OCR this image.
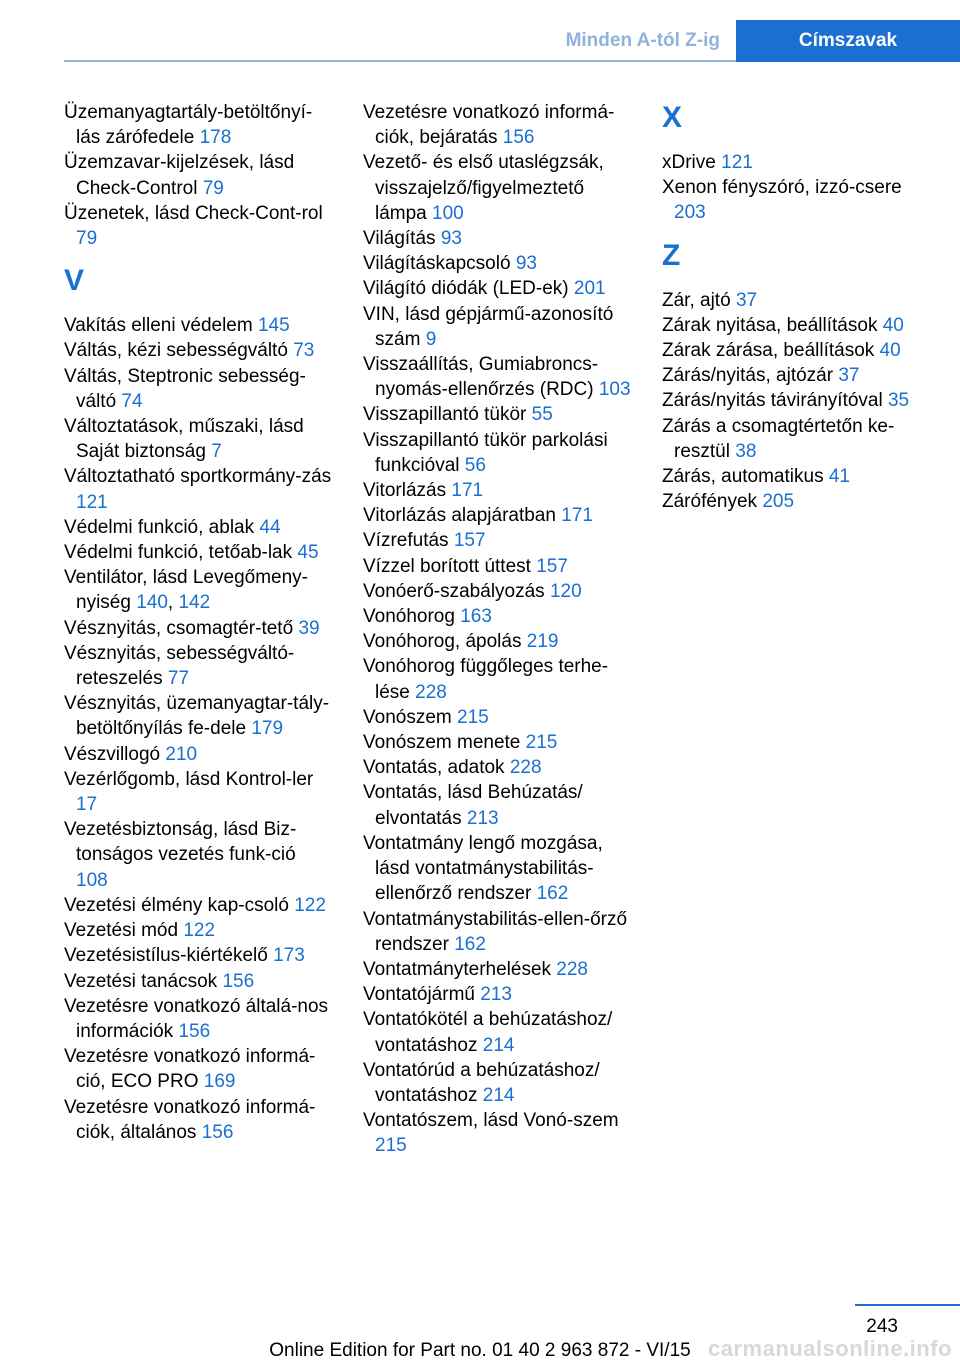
Minden A-tól Z-ig	Címszavak
Üzemanyagtartály-betöltőnyí-lás zárófedele 178
Üzemzavar-kijelzések, lásd Check-Control 79
Üzenetek, lásd Check-Cont-rol 79
V
Vakítás elleni védelem 145
Váltás, kézi sebességváltó 73
Váltás, Steptronic sebesség-váltó 74
Változtatások, műszaki, lásd Saját biztonság 7
Változtatható sportkormány-zás 121
Védelmi funkció, ablak 44
Védelmi funkció, tetőab-lak 45
Ventilátor, lásd Levegőmeny-nyiség 140, 142
Vésznyitás, csomagtér-tető 39
Vésznyitás, sebességváltó-reteszelés 77
Vésznyitás, üzemanyagtar-tály-betöltőnyílás fe-dele 179
Vészvillogó 210
Vezérlőgomb, lásd Kontrol-ler 17
Vezetésbiztonság, lásd Biz-tonságos vezetés funk-ció 108
Vezetési élmény kap-csoló 122
Vezetési mód 122
Vezetésistílus-kiértékelő 173
Vezetési tanácsok 156
Vezetésre vonatkozó általá-nos információk 156
Vezetésre vonatkozó informá-ció, ECO PRO 169
Vezetésre vonatkozó informá-ciók, általános 156
Vezetésre vonatkozó informá-ciók, bejáratás 156
Vezető- és első utaslégzsák, visszajelző/figyelmeztető lámpa 100
Világítás 93
Világításkapcsoló 93
Világító diódák (LED-ek) 201
VIN, lásd gépjármű-azonosító szám 9
Visszaállítás, Gumiabroncs-nyomás-ellenőrzés (RDC) 103
Visszapillantó tükör 55
Visszapillantó tükör parkolási funkcióval 56
Vitorlázás 171
Vitorlázás alapjáratban 171
Vízrefutás 157
Vízzel borított úttest 157
Vonóerő-szabályozás 120
Vonóhorog 163
Vonóhorog, ápolás 219
Vonóhorog függőleges terhe-lése 228
Vonószem 215
Vonószem menete 215
Vontatás, adatok 228
Vontatás, lásd Behúzatás/ elvontatás 213
Vontatmány lengő mozgása, lásd vontatmánystabilitás-ellenőrző rendszer 162
Vontatmánystabilitás-ellen-őrző rendszer 162
Vontatmányterhelések 228
Vontatójármű 213
Vontatókötél a behúzatáshoz/ vontatáshoz 214
Vontatórúd a behúzatáshoz/ vontatáshoz 214
Vontatószem, lásd Vonó-szem 215
X
xDrive 121
Xenon fényszóró, izzó-csere 203
Z
Zár, ajtó 37
Zárak nyitása, beállítások 40
Zárak zárása, beállítások 40
Zárás/nyitás, ajtózár 37
Zárás/nyitás távirányítóval 35
Zárás a csomagtértetőn ke-resztül 38
Zárás, automatikus 41
Zárófények 205
243
Online Edition for Part no. 01 40 2 963 872 - VI/15 carmanualsonline.info
